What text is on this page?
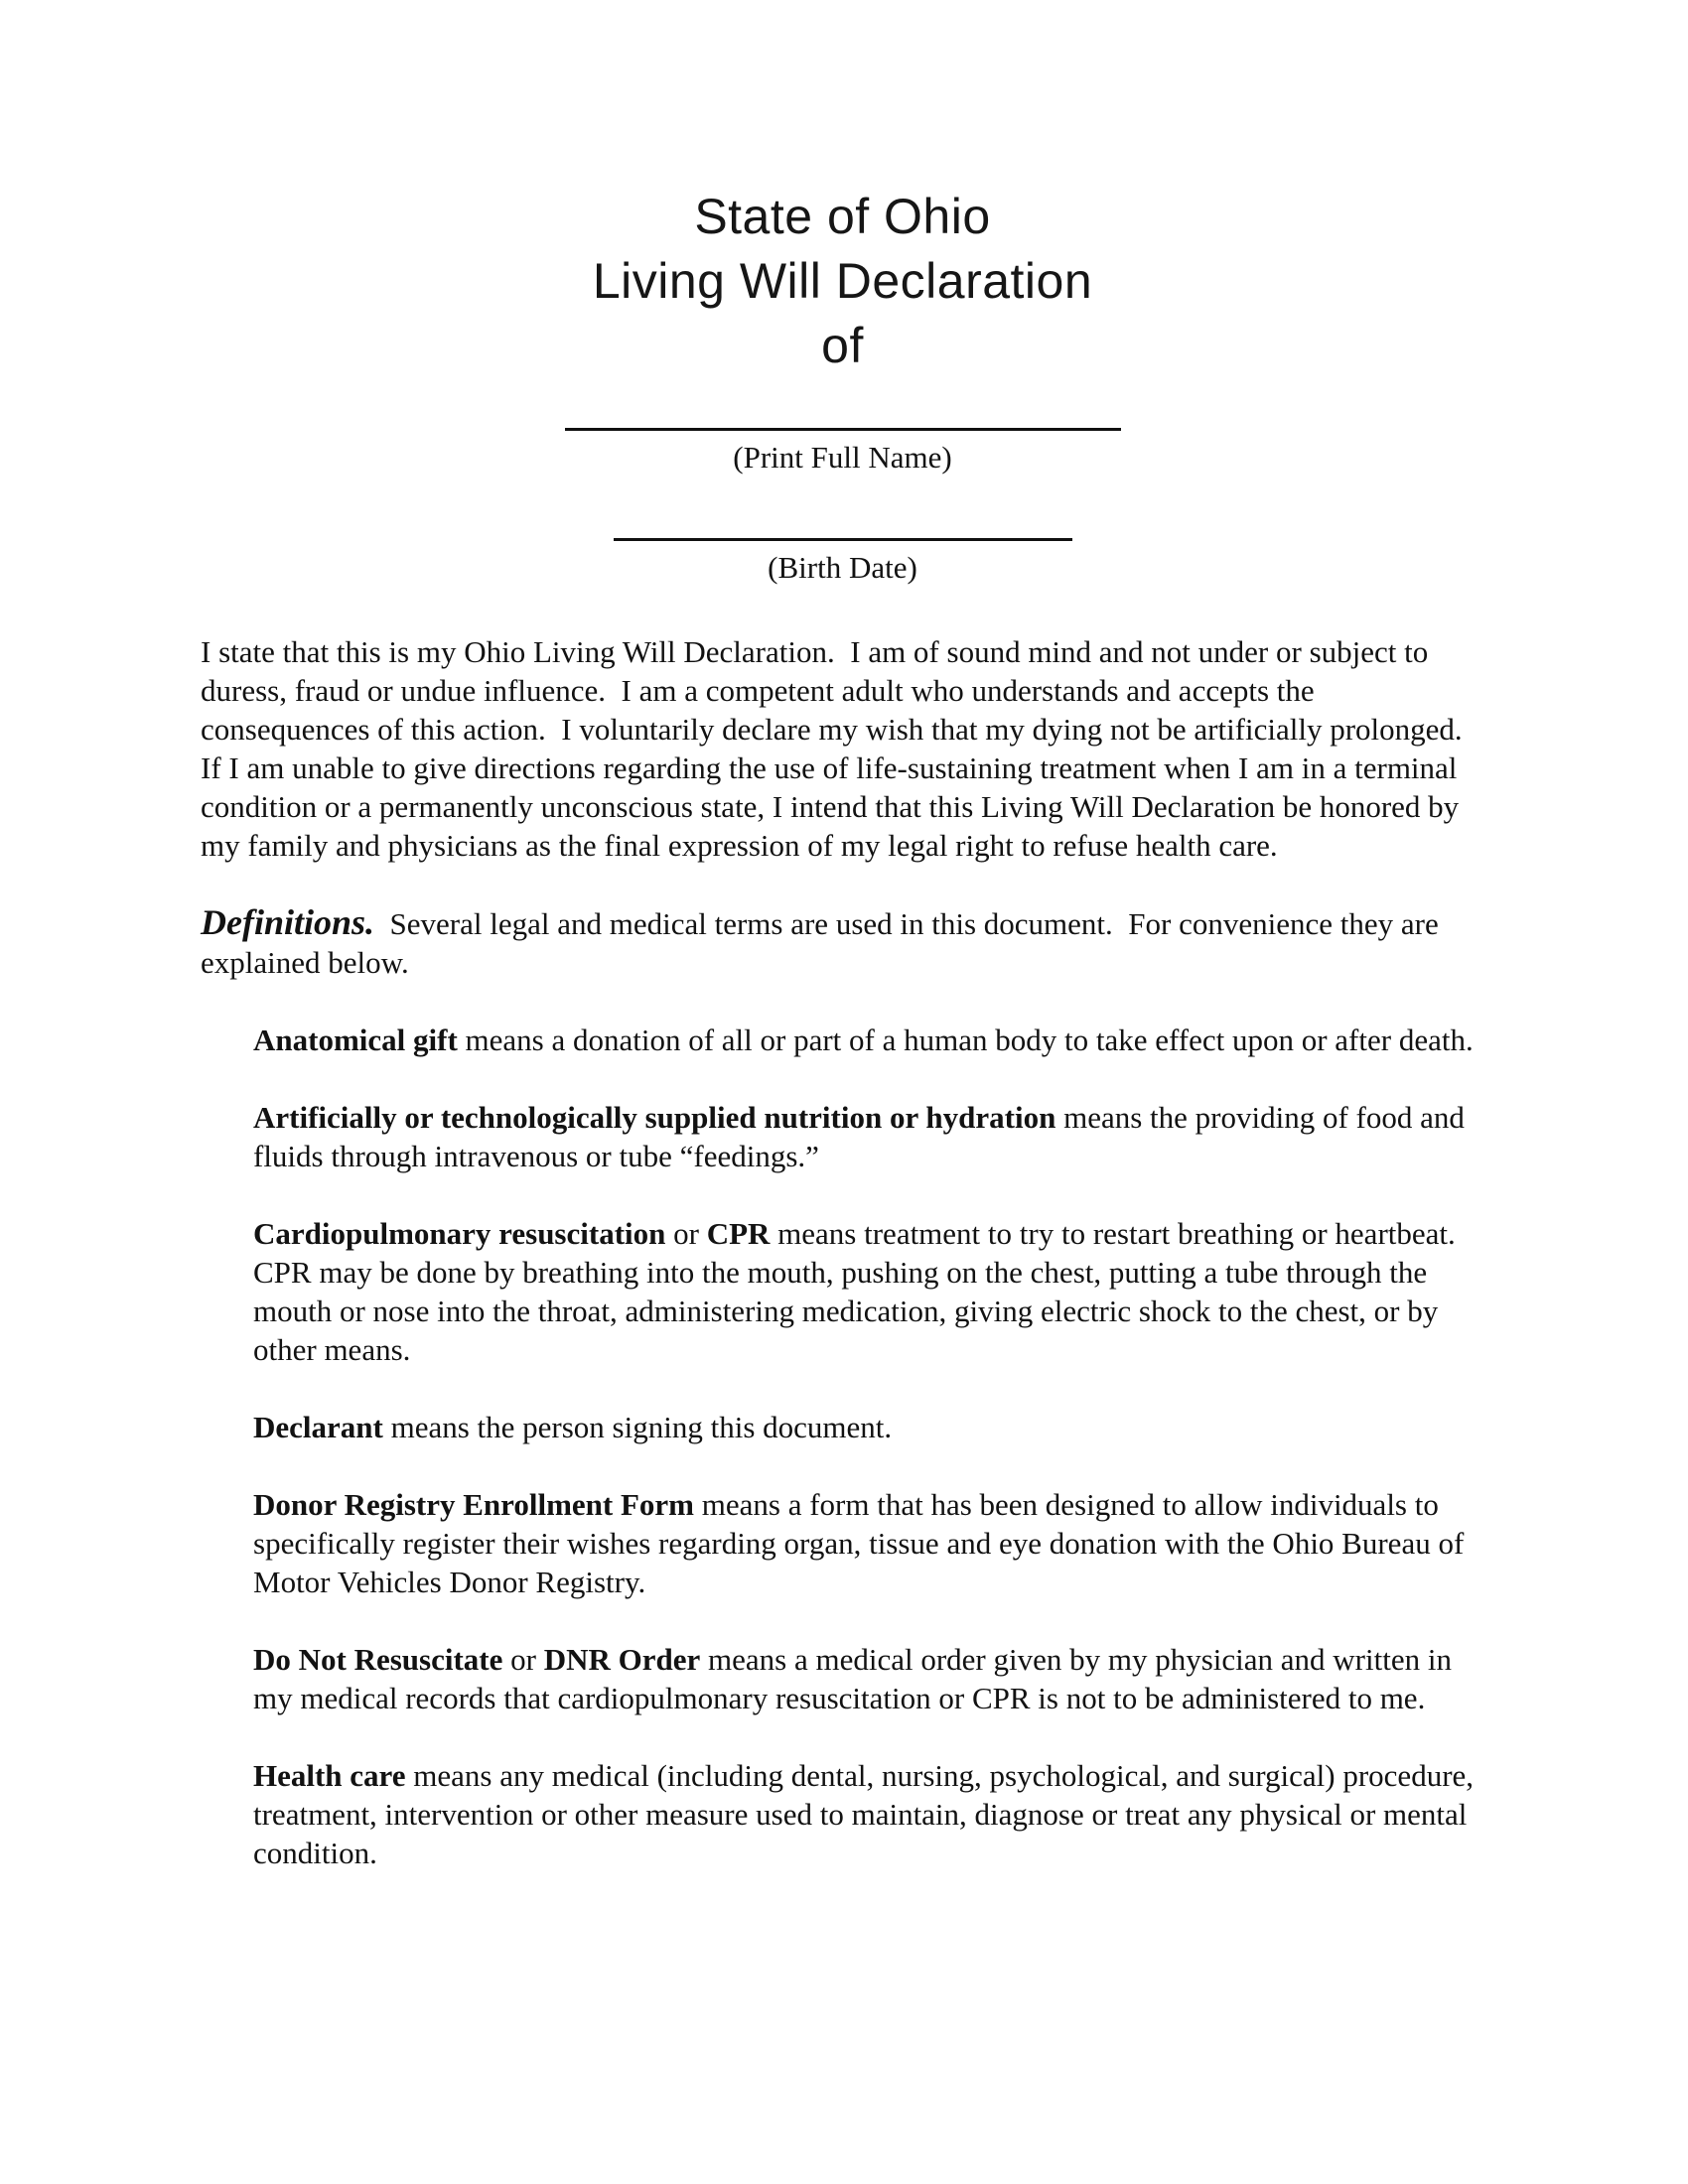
State of Ohio
Living Will Declaration
of
(Print Full Name)
(Birth Date)

I state that this is my Ohio Living Will Declaration.  I am of sound mind and not under or subject to duress, fraud or undue influence.  I am a competent adult who understands and accepts the consequences of this action.  I voluntarily declare my wish that my dying not be artificially prolonged. If I am unable to give directions regarding the use of life-sustaining treatment when I am in a terminal condition or a permanently unconscious state, I intend that this Living Will Declaration be honored by my family and physicians as the final expression of my legal right to refuse health care.

Definitions.  Several legal and medical terms are used in this document.  For convenience they are explained below.

Anatomical gift means a donation of all or part of a human body to take effect upon or after death.

Artificially or technologically supplied nutrition or hydration means the providing of food and fluids through intravenous or tube “feedings.”

Cardiopulmonary resuscitation or CPR means treatment to try to restart breathing or heartbeat.  CPR may be done by breathing into the mouth, pushing on the chest, putting a tube through the mouth or nose into the throat, administering medication, giving electric shock to the chest, or by other means.

Declarant means the person signing this document.

Donor Registry Enrollment Form means a form that has been designed to allow individuals to specifically register their wishes regarding organ, tissue and eye donation with the Ohio Bureau of Motor Vehicles Donor Registry.

Do Not Resuscitate or DNR Order means a medical order given by my physician and written in my medical records that cardiopulmonary resuscitation or CPR is not to be administered to me.

Health care means any medical (including dental, nursing, psychological, and surgical) procedure, treatment, intervention or other measure used to maintain, diagnose or treat any physical or mental condition.
